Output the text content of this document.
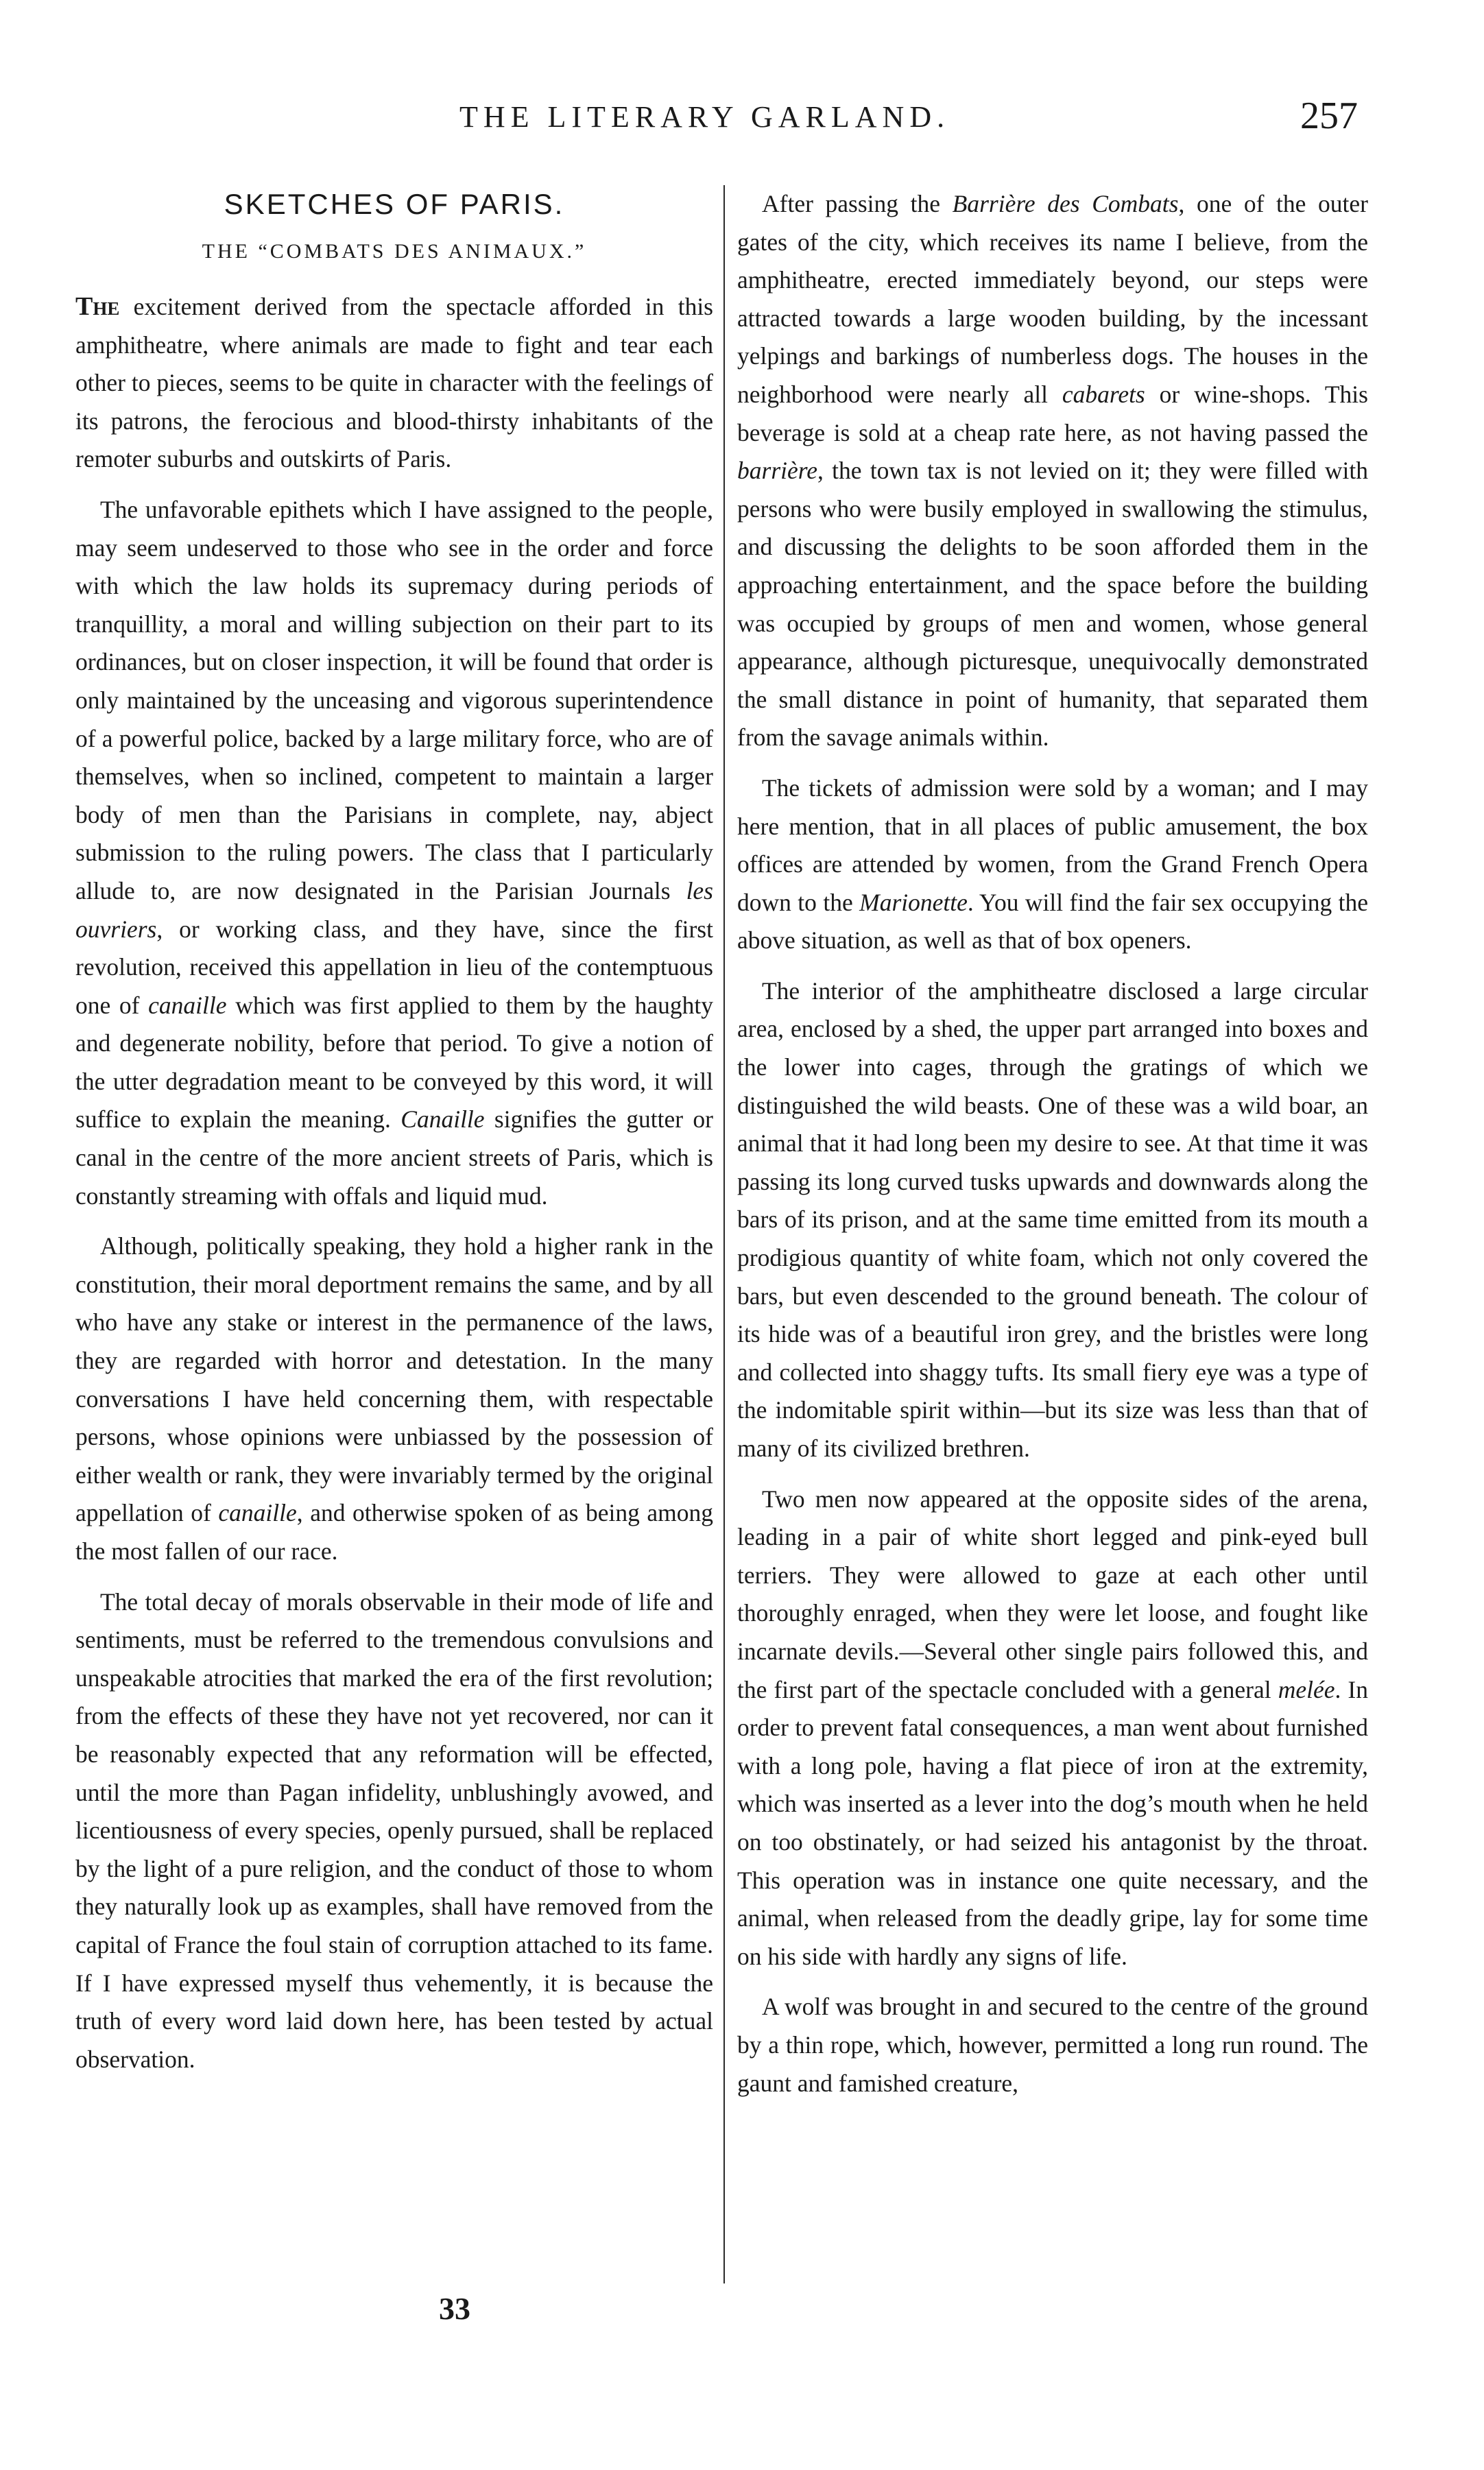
THE LITERARY GARLAND.	257
SKETCHES OF PARIS.
THE “COMBATS DES ANIMAUX.”

The excitement derived from the spectacle afforded in this amphitheatre, where animals are made to fight and tear each other to pieces, seems to be quite in character with the feelings of its patrons, the ferocious and blood-thirsty inhabitants of the remoter suburbs and outskirts of Paris.

The unfavorable epithets which I have assigned to the people, may seem undeserved to those who see in the order and force with which the law holds its supremacy during periods of tranquillity, a moral and willing subjection on their part to its ordinances, but on closer inspection, it will be found that order is only maintained by the unceasing and vigorous superintendence of a powerful police, backed by a large military force, who are of themselves, when so inclined, competent to maintain a larger body of men than the Parisians in complete, nay, abject submission to the ruling powers. The class that I particularly allude to, are now designated in the Parisian Journals les ouvriers, or working class, and they have, since the first revolution, received this appellation in lieu of the contemptuous one of canaille which was first applied to them by the haughty and degenerate nobility, before that period. To give a notion of the utter degradation meant to be conveyed by this word, it will suffice to explain the meaning. Canaille signifies the gutter or canal in the centre of the more ancient streets of Paris, which is constantly streaming with offals and liquid mud.

Although, politically speaking, they hold a higher rank in the constitution, their moral deportment remains the same, and by all who have any stake or interest in the permanence of the laws, they are regarded with horror and detestation. In the many conversations I have held concerning them, with respectable persons, whose opinions were unbiassed by the possession of either wealth or rank, they were invariably termed by the original appellation of canaille, and otherwise spoken of as being among the most fallen of our race.

The total decay of morals observable in their mode of life and sentiments, must be referred to the tremendous convulsions and unspeakable atrocities that marked the era of the first revolution; from the effects of these they have not yet recovered, nor can it be reasonably expected that any reformation will be effected, until the more than Pagan infidelity, unblushingly avowed, and licentiousness of every species, openly pursued, shall be replaced by the light of a pure religion, and the conduct of those to whom they naturally look up as examples, shall have removed from the capital of France the foul stain of corruption attached to its fame. If I have expressed myself thus vehemently, it is because the truth of every word laid down here, has been tested by actual observation.

After passing the Barrière des Combats, one of the outer gates of the city, which receives its name I believe, from the amphitheatre, erected immediately beyond, our steps were attracted towards a large wooden building, by the incessant yelpings and barkings of numberless dogs. The houses in the neighborhood were nearly all cabarets or wine-shops. This beverage is sold at a cheap rate here, as not having passed the barrière, the town tax is not levied on it; they were filled with persons who were busily employed in swallowing the stimulus, and discussing the delights to be soon afforded them in the approaching entertainment, and the space before the building was occupied by groups of men and women, whose general appearance, although picturesque, unequivocally demonstrated the small distance in point of humanity, that separated them from the savage animals within.

The tickets of admission were sold by a woman; and I may here mention, that in all places of public amusement, the box offices are attended by women, from the Grand French Opera down to the Marionette. You will find the fair sex occupying the above situation, as well as that of box openers.

The interior of the amphitheatre disclosed a large circular area, enclosed by a shed, the upper part arranged into boxes and the lower into cages, through the gratings of which we distinguished the wild beasts. One of these was a wild boar, an animal that it had long been my desire to see. At that time it was passing its long curved tusks upwards and downwards along the bars of its prison, and at the same time emitted from its mouth a prodigious quantity of white foam, which not only covered the bars, but even descended to the ground beneath. The colour of its hide was of a beautiful iron grey, and the bristles were long and collected into shaggy tufts. Its small fiery eye was a type of the indomitable spirit within—but its size was less than that of many of its civilized brethren.

Two men now appeared at the opposite sides of the arena, leading in a pair of white short legged and pink-eyed bull terriers. They were allowed to gaze at each other until thoroughly enraged, when they were let loose, and fought like incarnate devils.—Several other single pairs followed this, and the first part of the spectacle concluded with a general melée. In order to prevent fatal consequences, a man went about furnished with a long pole, having a flat piece of iron at the extremity, which was inserted as a lever into the dog’s mouth when he held on too obstinately, or had seized his antagonist by the throat. This operation was in instance one quite necessary, and the animal, when released from the deadly gripe, lay for some time on his side with hardly any signs of life.

A wolf was brought in and secured to the centre of the ground by a thin rope, which, however, permitted a long run round. The gaunt and famished creature,

33
